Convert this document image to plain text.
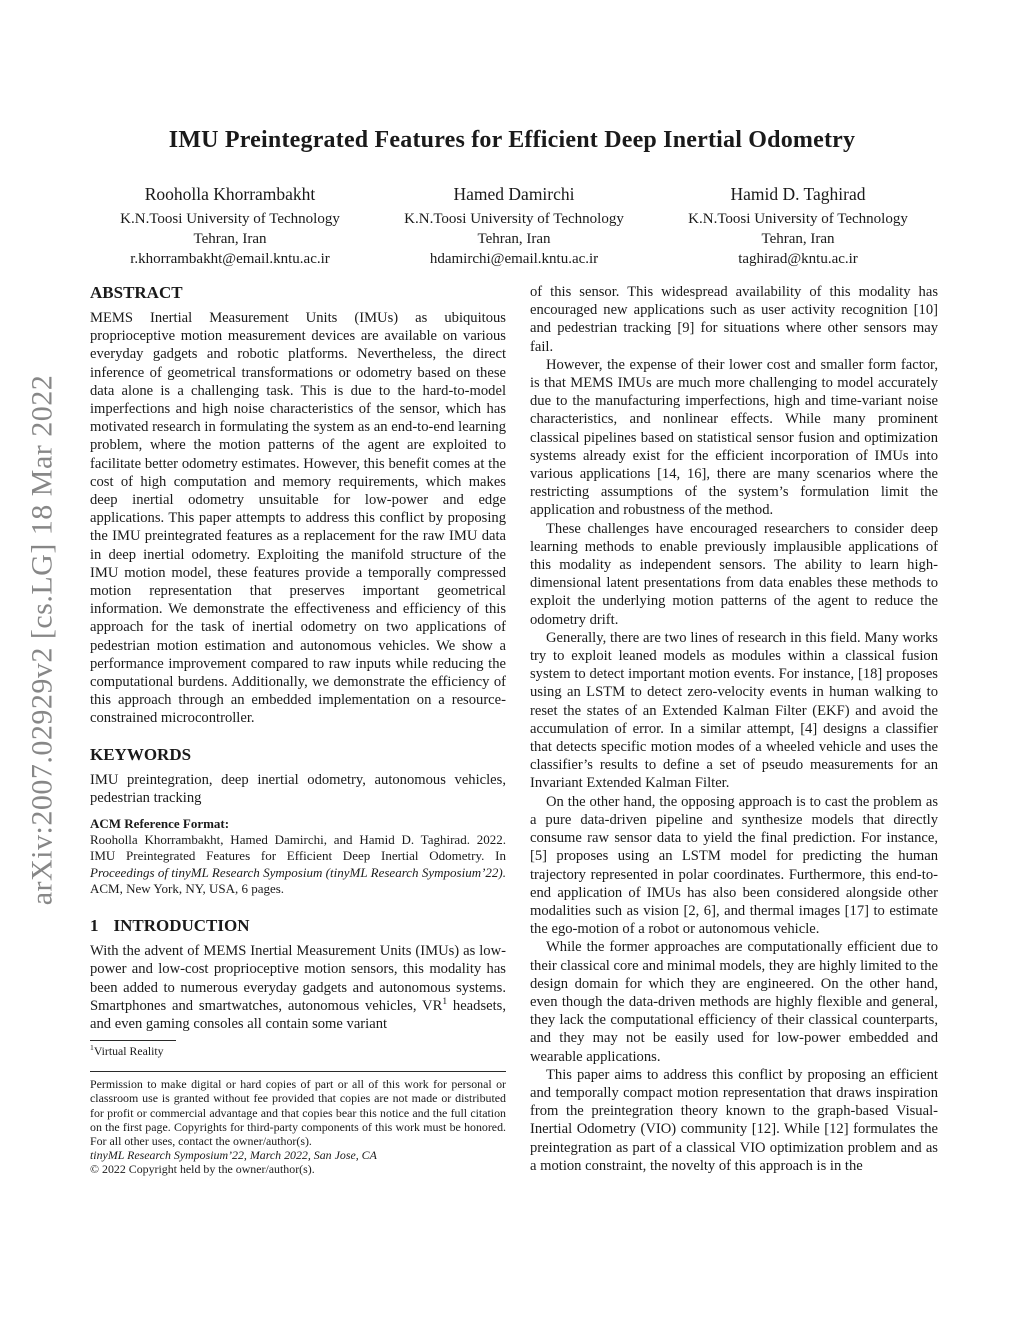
arXiv:2007.02929v2 [cs.LG] 18 Mar 2022
IMU Preintegrated Features for Efficient Deep Inertial Odometry
Rooholla Khorrambakht
K.N.Toosi University of Technology
Tehran, Iran
r.khorrambakht@email.kntu.ac.ir
Hamed Damirchi
K.N.Toosi University of Technology
Tehran, Iran
hdamirchi@email.kntu.ac.ir
Hamid D. Taghirad
K.N.Toosi University of Technology
Tehran, Iran
taghirad@kntu.ac.ir
ABSTRACT

MEMS Inertial Measurement Units (IMUs) as ubiquitous proprioceptive motion measurement devices are available on various everyday gadgets and robotic platforms. Nevertheless, the direct inference of geometrical transformations or odometry based on these data alone is a challenging task. This is due to the hard-to-model imperfections and high noise characteristics of the sensor, which has motivated research in formulating the system as an end-to-end learning problem, where the motion patterns of the agent are exploited to facilitate better odometry estimates. However, this benefit comes at the cost of high computation and memory requirements, which makes deep inertial odometry unsuitable for low-power and edge applications. This paper attempts to address this conflict by proposing the IMU preintegrated features as a replacement for the raw IMU data in deep inertial odometry. Exploiting the manifold structure of the IMU motion model, these features provide a temporally compressed motion representation that preserves important geometrical information. We demonstrate the effectiveness and efficiency of this approach for the task of inertial odometry on two applications of pedestrian motion estimation and autonomous vehicles. We show a performance improvement compared to raw inputs while reducing the computational burdens. Additionally, we demonstrate the efficiency of this approach through an embedded implementation on a resource-constrained microcontroller.

KEYWORDS

IMU preintegration, deep inertial odometry, autonomous vehicles, pedestrian tracking

ACM Reference Format:

Rooholla Khorrambakht, Hamed Damirchi, and Hamid D. Taghirad. 2022. IMU Preintegrated Features for Efficient Deep Inertial Odometry. In Proceedings of tinyML Research Symposium (tinyML Research Symposium’22). ACM, New York, NY, USA, 6 pages.

1 INTRODUCTION

With the advent of MEMS Inertial Measurement Units (IMUs) as low-power and low-cost proprioceptive motion sensors, this modality has been added to numerous everyday gadgets and autonomous systems. Smartphones and smartwatches, autonomous vehicles, $VR^1$ headsets, and even gaming consoles all contain some variant

$^1$Virtual Reality

Permission to make digital or hard copies of part or all of this work for personal or classroom use is granted without fee provided that copies are not made or distributed for profit or commercial advantage and that copies bear this notice and the full citation on the first page. Copyrights for third-party components of this work must be honored. For all other uses, contact the owner/author(s).

tinyML Research Symposium’22, March 2022, San Jose, CA

© 2022 Copyright held by the owner/author(s).

of this sensor. This widespread availability of this modality has encouraged new applications such as user activity recognition [10] and pedestrian tracking [9] for situations where other sensors may fail.

However, the expense of their lower cost and smaller form factor, is that MEMS IMUs are much more challenging to model accurately due to the manufacturing imperfections, high and time-variant noise characteristics, and nonlinear effects. While many prominent classical pipelines based on statistical sensor fusion and optimization systems already exist for the efficient incorporation of IMUs into various applications [14, 16], there are many scenarios where the restricting assumptions of the system’s formulation limit the application and robustness of the method.

These challenges have encouraged researchers to consider deep learning methods to enable previously implausible applications of this modality as independent sensors. The ability to learn high-dimensional latent presentations from data enables these methods to exploit the underlying motion patterns of the agent to reduce the odometry drift.

Generally, there are two lines of research in this field. Many works try to exploit leaned models as modules within a classical fusion system to detect important motion events. For instance, [18] proposes using an LSTM to detect zero-velocity events in human walking to reset the states of an Extended Kalman Filter (EKF) and avoid the accumulation of error. In a similar attempt, [4] designs a classifier that detects specific motion modes of a wheeled vehicle and uses the classifier’s results to define a set of pseudo measurements for an Invariant Extended Kalman Filter.

On the other hand, the opposing approach is to cast the problem as a pure data-driven pipeline and synthesize models that directly consume raw sensor data to yield the final prediction. For instance, [5] proposes using an LSTM model for predicting the human trajectory represented in polar coordinates. Furthermore, this end-to-end application of IMUs has also been considered alongside other modalities such as vision [2, 6], and thermal images [17] to estimate the ego-motion of a robot or autonomous vehicle.

While the former approaches are computationally efficient due to their classical core and minimal models, they are highly limited to the design domain for which they are engineered. On the other hand, even though the data-driven methods are highly flexible and general, they lack the computational efficiency of their classical counterparts, and they may not be easily used for low-power embedded and wearable applications.

This paper aims to address this conflict by proposing an efficient and temporally compact motion representation that draws inspiration from the preintegration theory known to the graph-based Visual-Inertial Odometry (VIO) community [12]. While [12] formulates the preintegration as part of a classical VIO optimization problem and as a motion constraint, the novelty of this approach is in the
